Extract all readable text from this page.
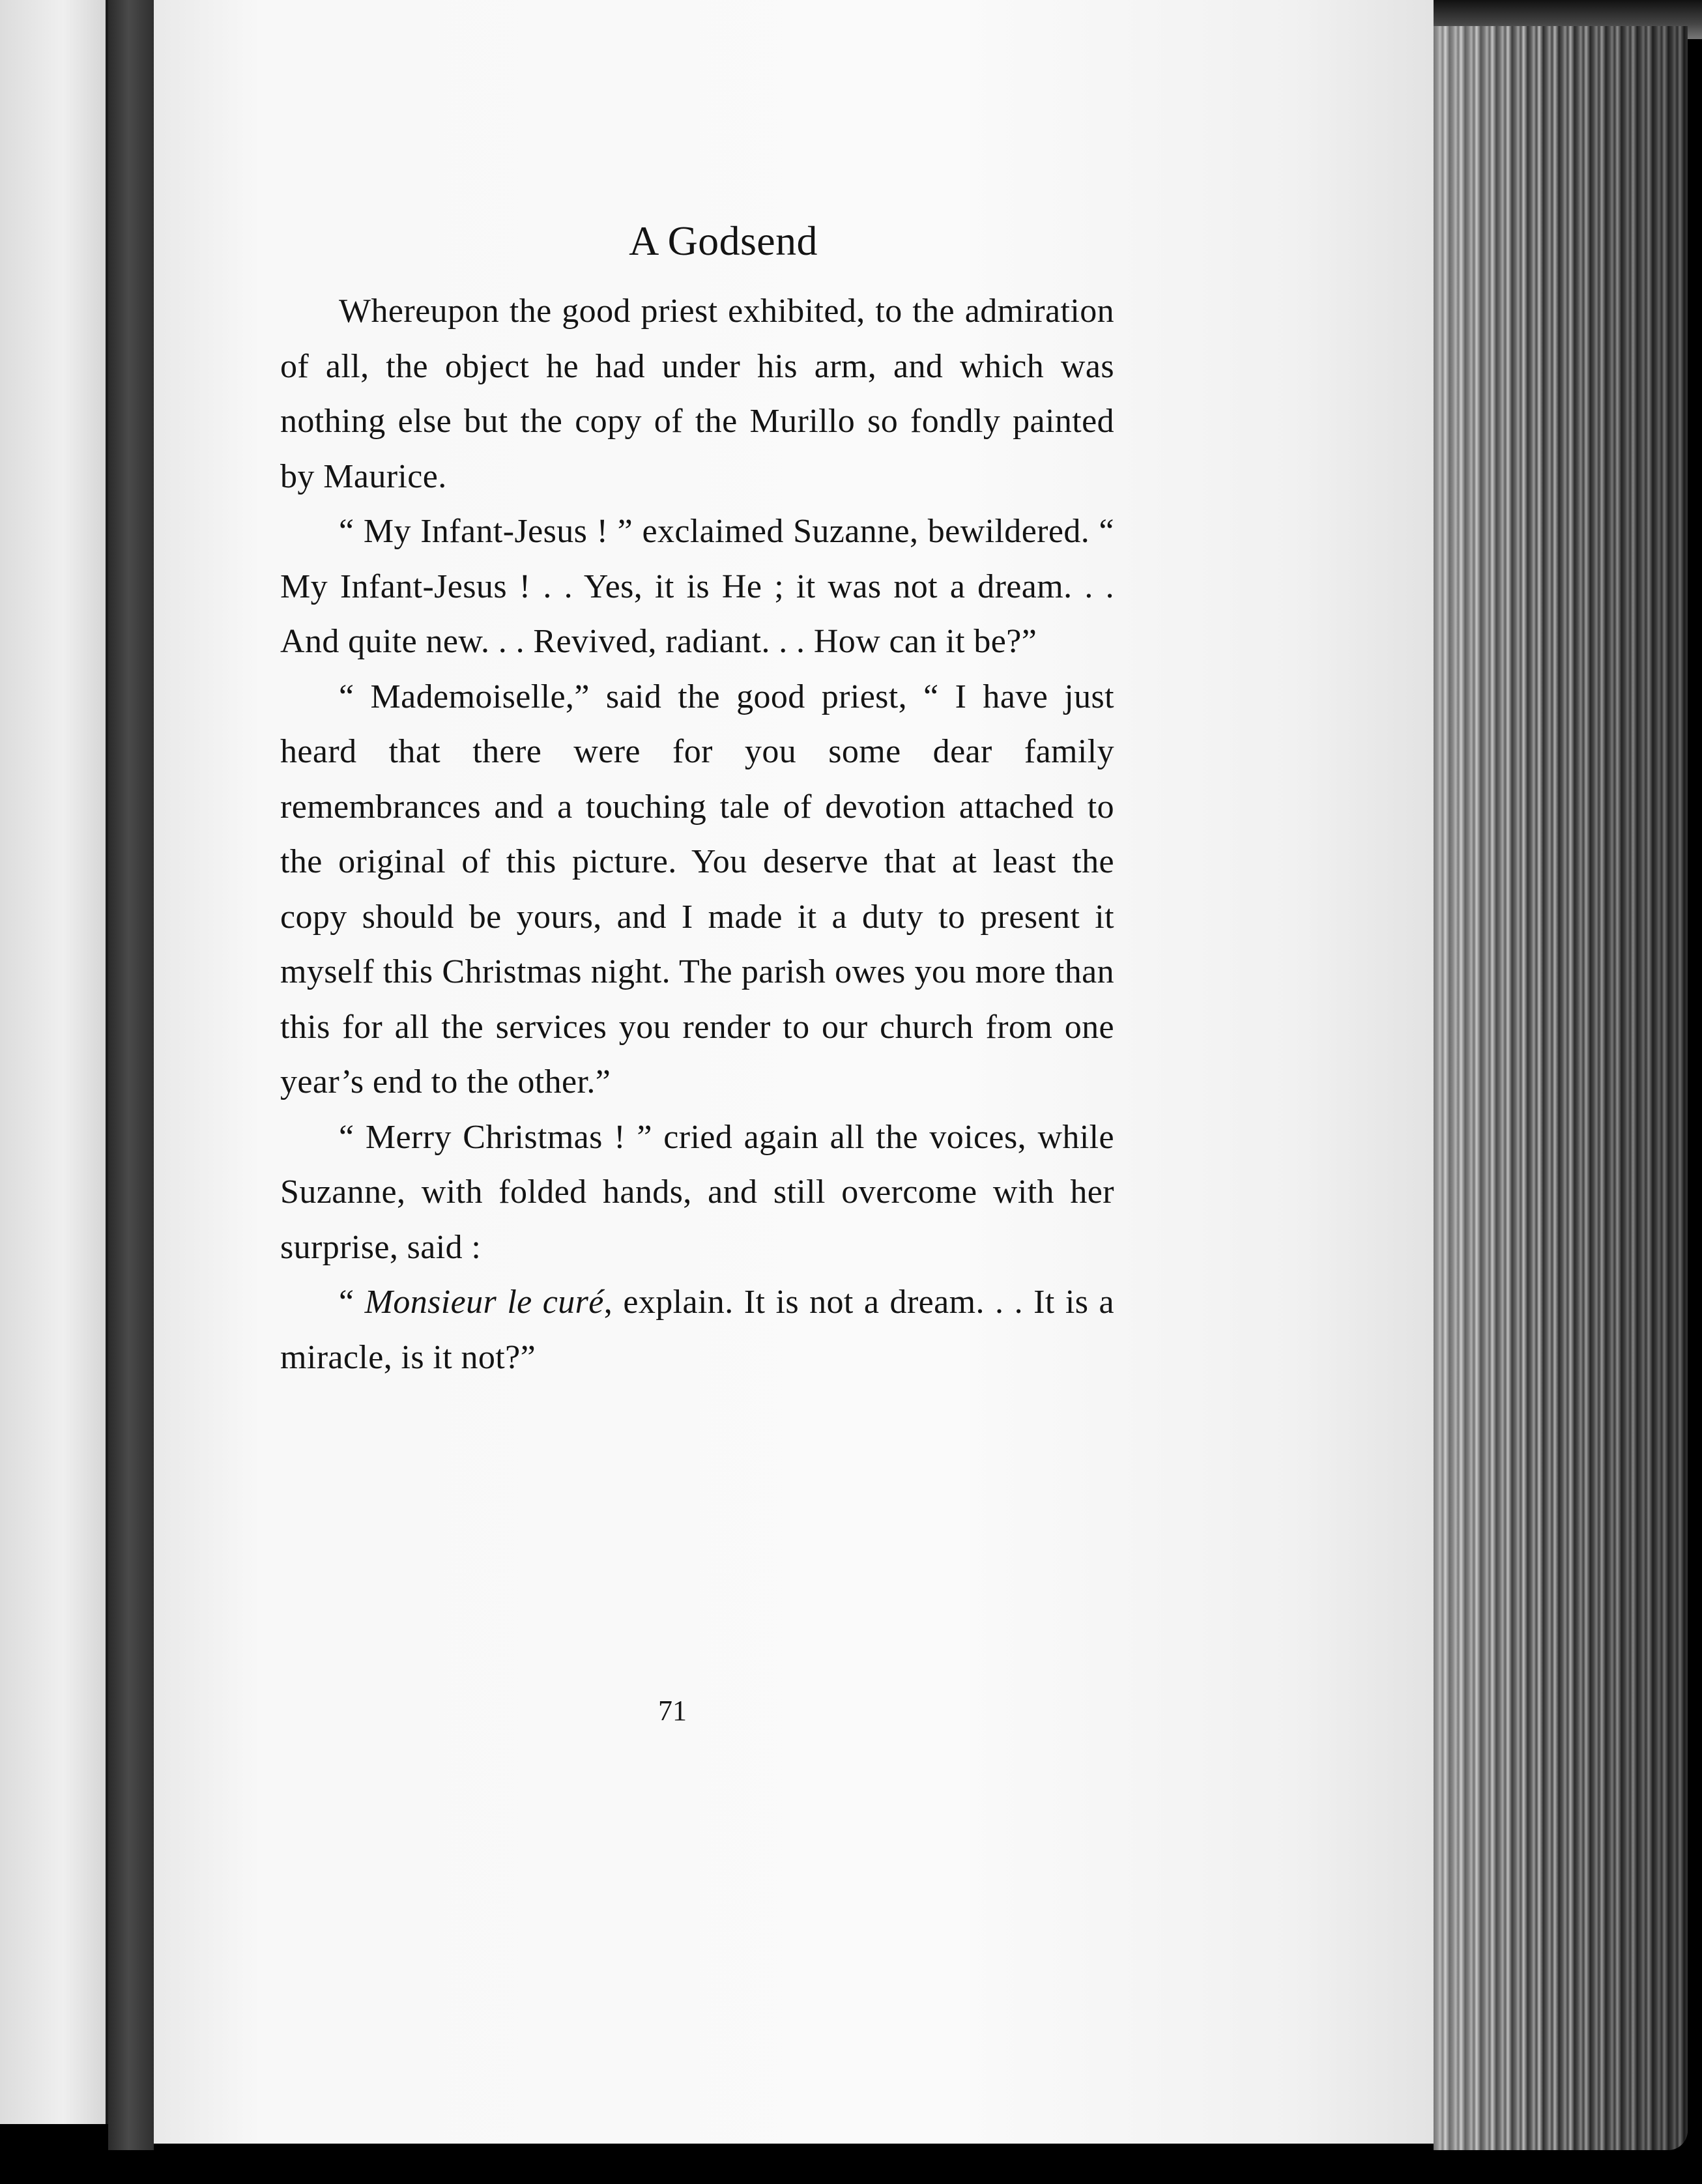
A Godsend

Whereupon the good priest exhibited, to the admiration of all, the object he had under his arm, and which was nothing else but the copy of the Murillo so fondly painted by Maurice.

“ My Infant-Jesus ! ” exclaimed Suzanne, bewildered. “ My Infant-Jesus ! . . Yes, it is He ; it was not a dream. . . And quite new. . . Revived, radiant. . . How can it be?”

“ Mademoiselle,” said the good priest, “ I have just heard that there were for you some dear family remembrances and a touching tale of devotion attached to the original of this picture. You deserve that at least the copy should be yours, and I made it a duty to present it myself this Christmas night. The parish owes you more than this for all the services you render to our church from one year’s end to the other.”

“ Merry Christmas ! ” cried again all the voices, while Suzanne, with folded hands, and still overcome with her surprise, said :

“ Monsieur le curé, explain. It is not a dream. . . It is a miracle, is it not?”

71
